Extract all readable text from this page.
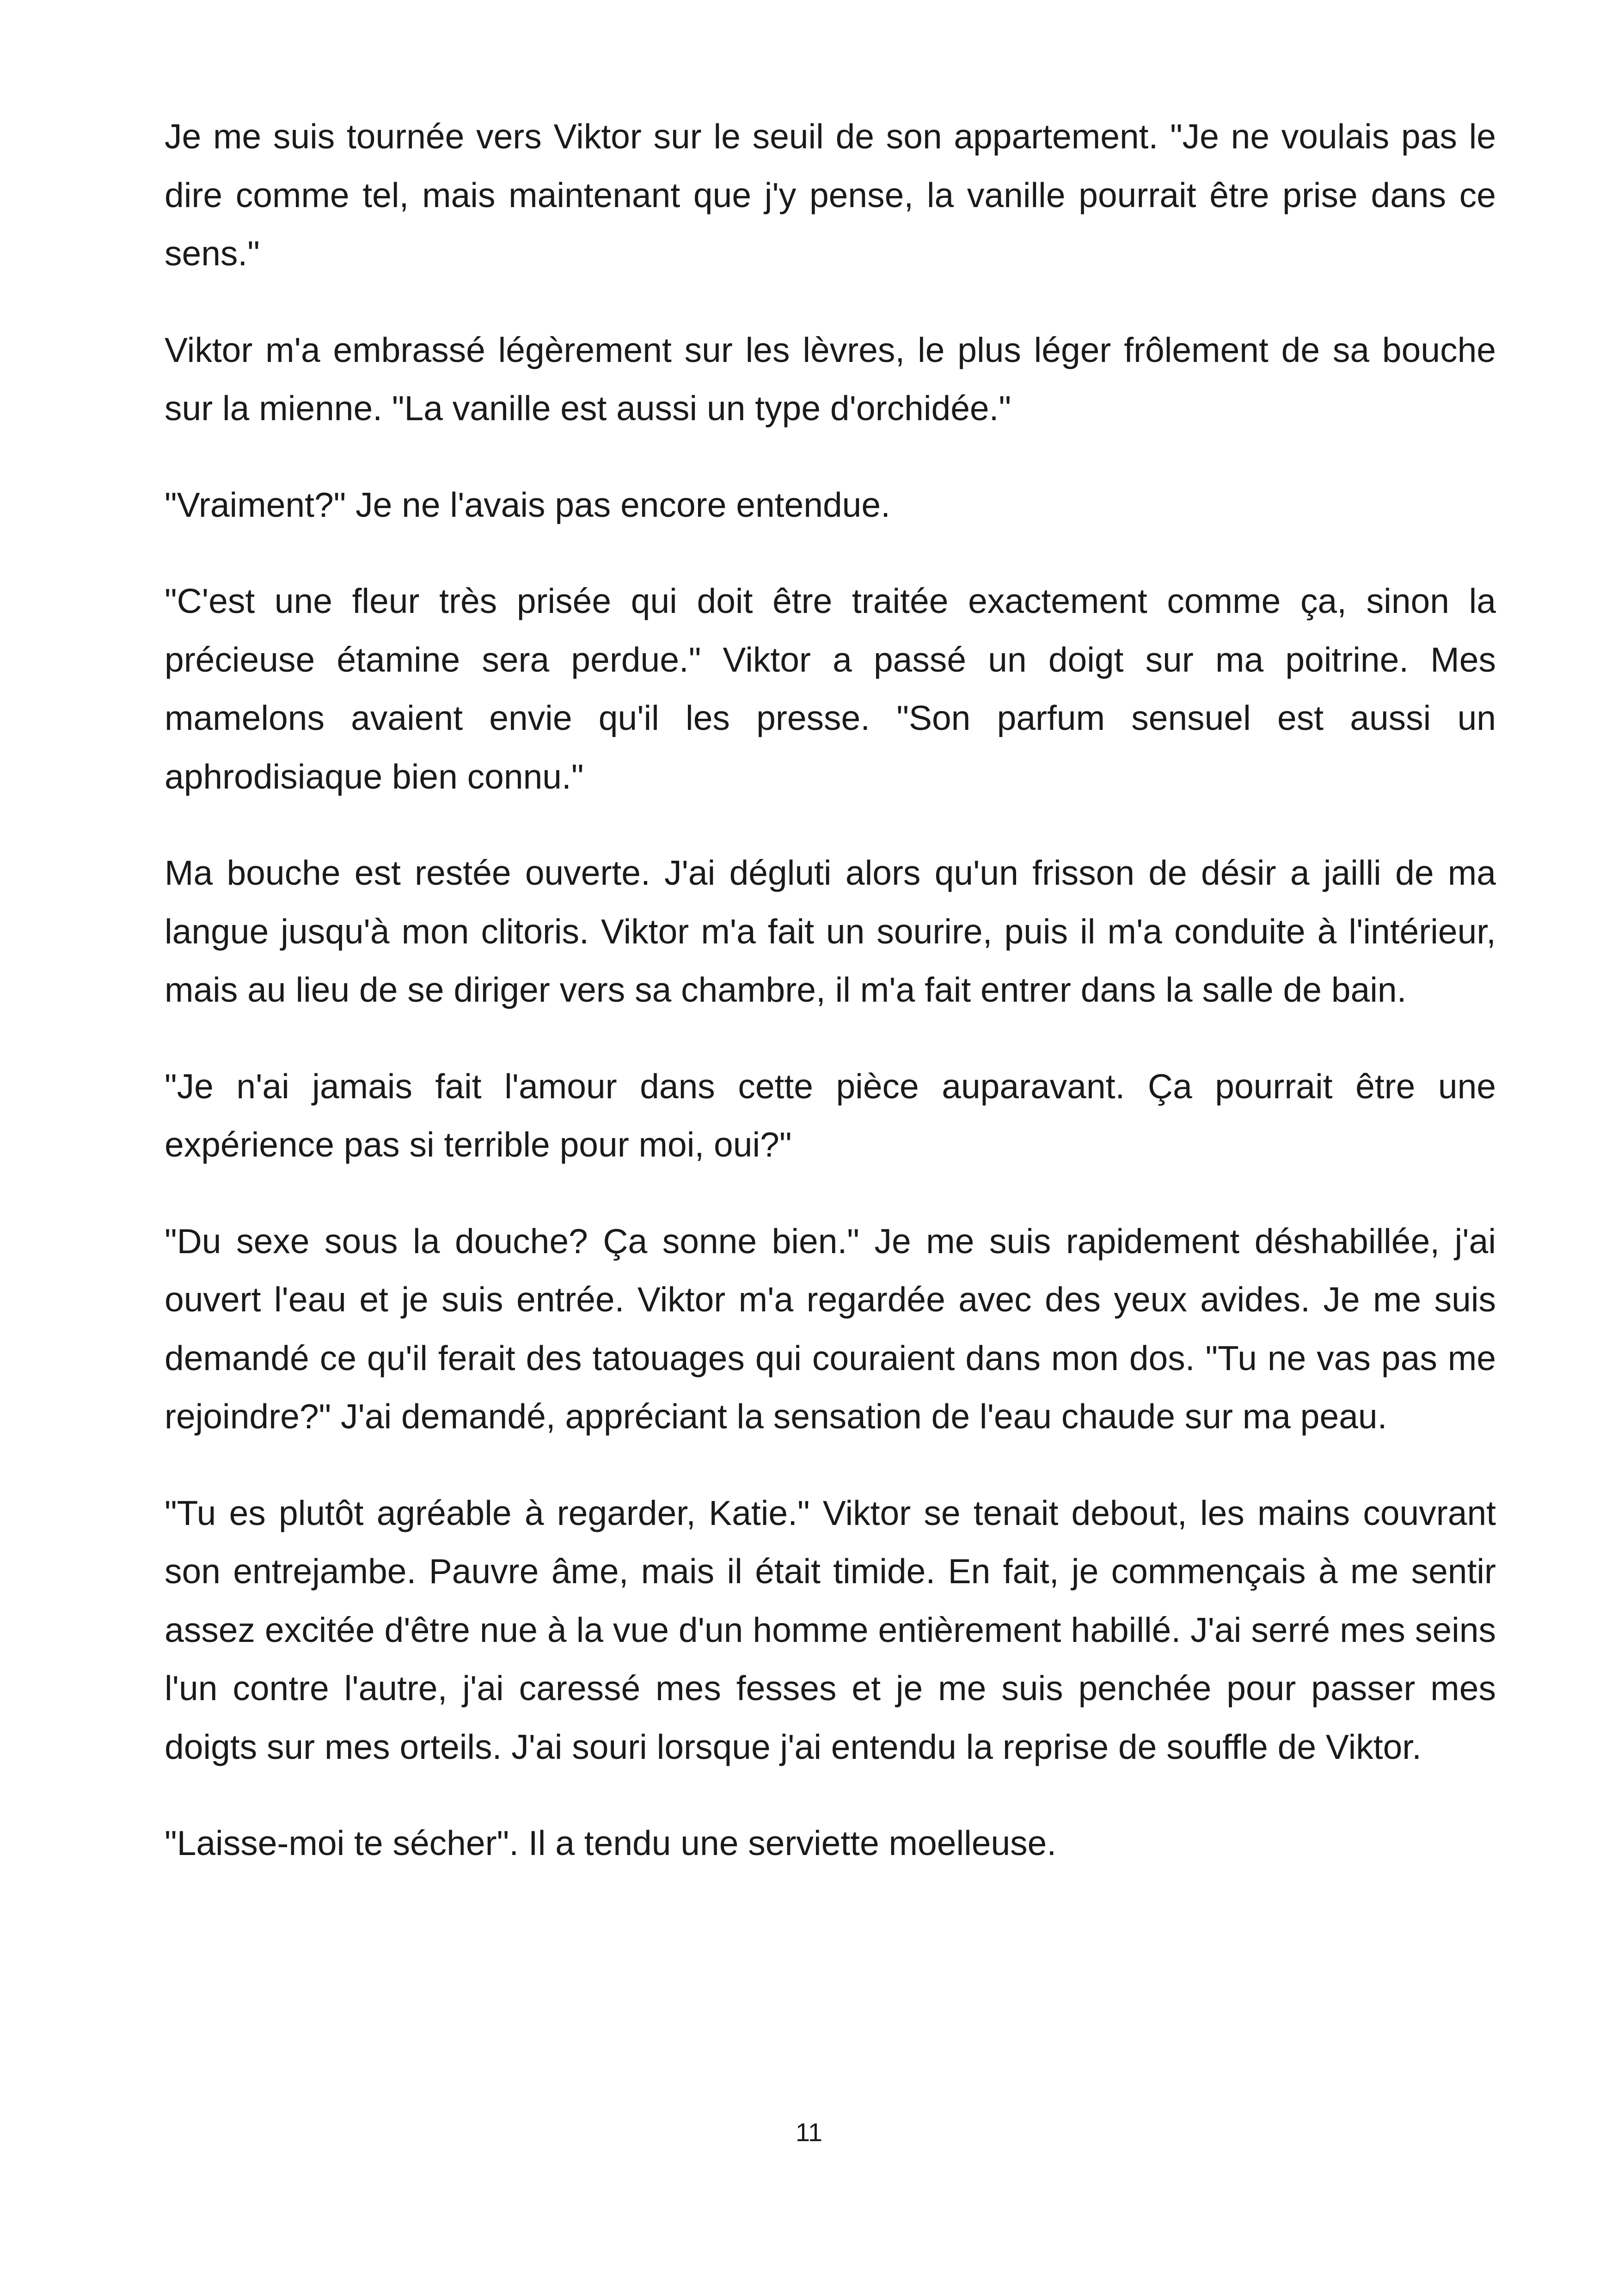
Je me suis tournée vers Viktor sur le seuil de son appartement. "Je ne voulais pas le dire comme tel, mais maintenant que j'y pense, la vanille pourrait être prise dans ce sens."

Viktor m'a embrassé légèrement sur les lèvres, le plus léger frôlement de sa bouche sur la mienne. "La vanille est aussi un type d'orchidée."

"Vraiment?" Je ne l'avais pas encore entendue.

"C'est une fleur très prisée qui doit être traitée exactement comme ça, sinon la précieuse étamine sera perdue." Viktor a passé un doigt sur ma poitrine. Mes mamelons avaient envie qu'il les presse. "Son parfum sensuel est aussi un aphrodisiaque bien connu."

Ma bouche est restée ouverte. J'ai dégluti alors qu'un frisson de désir a jailli de ma langue jusqu'à mon clitoris. Viktor m'a fait un sourire, puis il m'a conduite à l'intérieur, mais au lieu de se diriger vers sa chambre, il m'a fait entrer dans la salle de bain.

"Je n'ai jamais fait l'amour dans cette pièce auparavant. Ça pourrait être une expérience pas si terrible pour moi, oui?"

"Du sexe sous la douche? Ça sonne bien." Je me suis rapidement déshabillée, j'ai ouvert l'eau et je suis entrée. Viktor m'a regardée avec des yeux avides. Je me suis demandé ce qu'il ferait des tatouages qui couraient dans mon dos. "Tu ne vas pas me rejoindre?" J'ai demandé, appréciant la sensation de l'eau chaude sur ma peau.

"Tu es plutôt agréable à regarder, Katie." Viktor se tenait debout, les mains couvrant son entrejambe. Pauvre âme, mais il était timide. En fait, je commençais à me sentir assez excitée d'être nue à la vue d'un homme entièrement habillé. J'ai serré mes seins l'un contre l'autre, j'ai caressé mes fesses et je me suis penchée pour passer mes doigts sur mes orteils. J'ai souri lorsque j'ai entendu la reprise de souffle de Viktor.

"Laisse-moi te sécher". Il a tendu une serviette moelleuse.

11
